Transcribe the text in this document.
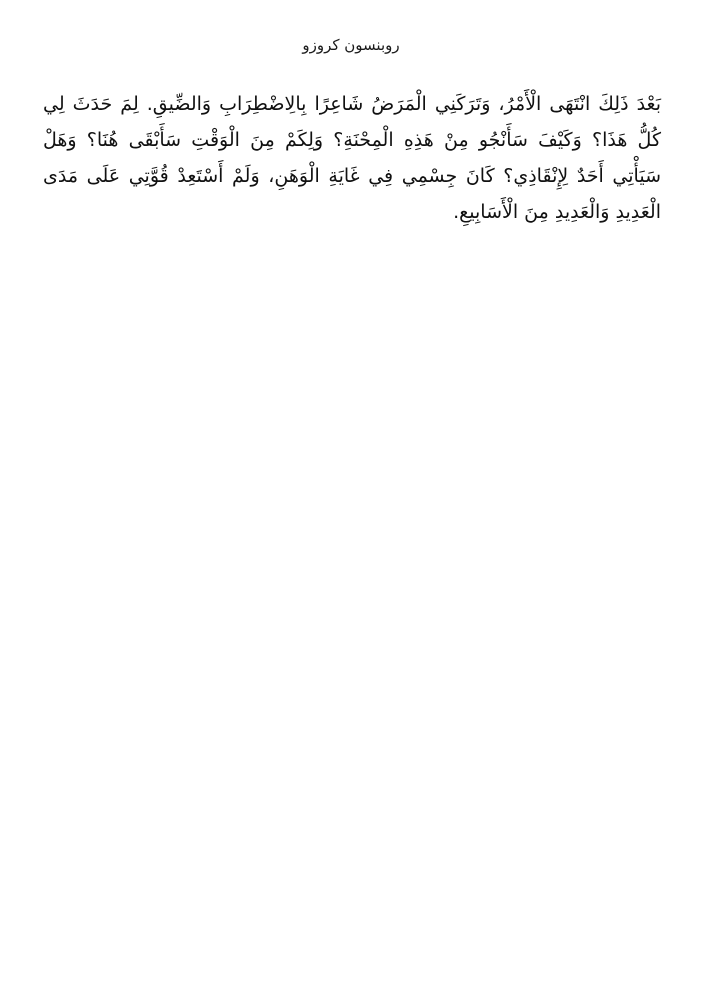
روبنسون كروزو

بَعْدَ ذَلِكَ انْتَهَى الْأَمْرُ، وَتَرَكَنِي الْمَرَضُ شَاعِرًا بِالِاضْطِرَابِ وَالضِّيقِ. لِمَ حَدَثَ لِي كُلُّ هَذَا؟ وَكَيْفَ سَأَنْجُو مِنْ هَذِهِ الْمِحْنَةِ؟ وَلِكَمْ مِنَ الْوَقْتِ سَأَبْقَى هُنَا؟ وَهَلْ سَيَأْتِي أَحَدٌ لِإِنْقَاذِي؟ كَانَ جِسْمِي فِي غَايَةِ الْوَهَنِ، وَلَمْ أَسْتَعِدْ قُوَّتِي عَلَى مَدَى الْعَدِيدِ وَالْعَدِيدِ مِنَ الْأَسَابِيعِ.
